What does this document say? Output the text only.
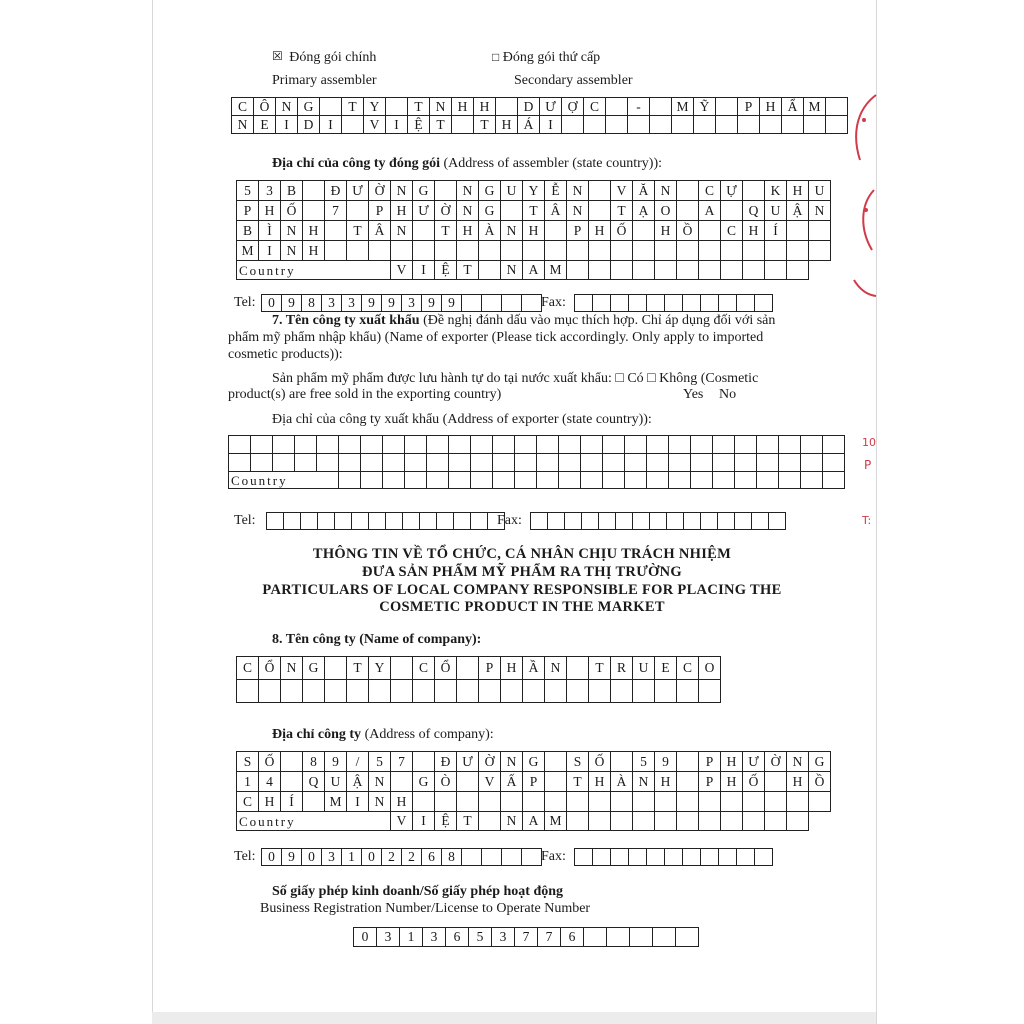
☒ Đóng gói chính
Primary assembler
□ Đóng gói thứ cấp
Secondary assembler
C	Ô	N	G		T	Y		T	N	H	H		D	Ư	Ợ	C		-		M	Ỹ		P	H	Ẩ	M	
N	E	I	D	I		V	I	Ệ	T		T	H	Á	I													
Địa chỉ của công ty đóng gói (Address of assembler (state country)):
5	3	B		Đ	Ư	Ờ	N	G		N	G	U	Y	Ễ	N		V	Ă	N		C	Ự		K	H	U
P	H	Ố		7		P	H	Ư	Ờ	N	G		T	Â	N		T	Ạ	O		A		Q	U	Ậ	N
B	Ì	N	H		T	Â	N		T	H	À	N	H		P	H	Ố		H	Ồ		C	H	Í		
M	I	N	H																							
Country							V	I	Ệ	T		N	A	M												
Tel: 0	9	8	3	3	9	9	3	9	9					Fax:

7. Tên công ty xuất khẩu (Đề nghị đánh dấu vào mục thích hợp. Chỉ áp dụng đối với sản
phẩm mỹ phẩm nhập khẩu) (Name of exporter (Please tick accordingly. Only apply to imported
cosmetic products)):
Sản phẩm mỹ phẩm được lưu hành tự do tại nước xuất khẩu: □ Có □ Không (Cosmetic
product(s) are free sold in the exporting country)	Yes No
Địa chỉ của công ty xuất khẩu (Address of exporter (state country)):

Country																											
Tel:
														Fax:

THÔNG TIN VỀ TỔ CHỨC, CÁ NHÂN CHỊU TRÁCH NHIỆM
ĐƯA SẢN PHẨM MỸ PHẨM RA THỊ TRƯỜNG
PARTICULARS OF LOCAL COMPANY RESPONSIBLE FOR PLACING THE
COSMETIC PRODUCT IN THE MARKET
8. Tên công ty (Name of company):
C	Ổ	N	G		T	Y		C	Ổ		P	H	Ầ	N		T	R	U	E	C	O

Địa chỉ công ty (Address of company):
S	Ố		8	9	/	5	7		Đ	Ư	Ờ	N	G		S	Ố		5	9		P	H	Ư	Ờ	N	G
1	4		Q	U	Ậ	N		G	Ò		V	Ấ	P		T	H	À	N	H		P	H	Ố		H	Ồ
C	H	Í		M	I	N	H																			
Country							V	I	Ệ	T		N	A	M												
Tel: 0	9	0	3	1	0	2	2	6	8					Fax:

Số giấy phép kinh doanh/Số giấy phép hoạt động
Business Registration Number/License to Operate Number
0	3	1	3	6	5	3	7	7	6					
10
P
T:
